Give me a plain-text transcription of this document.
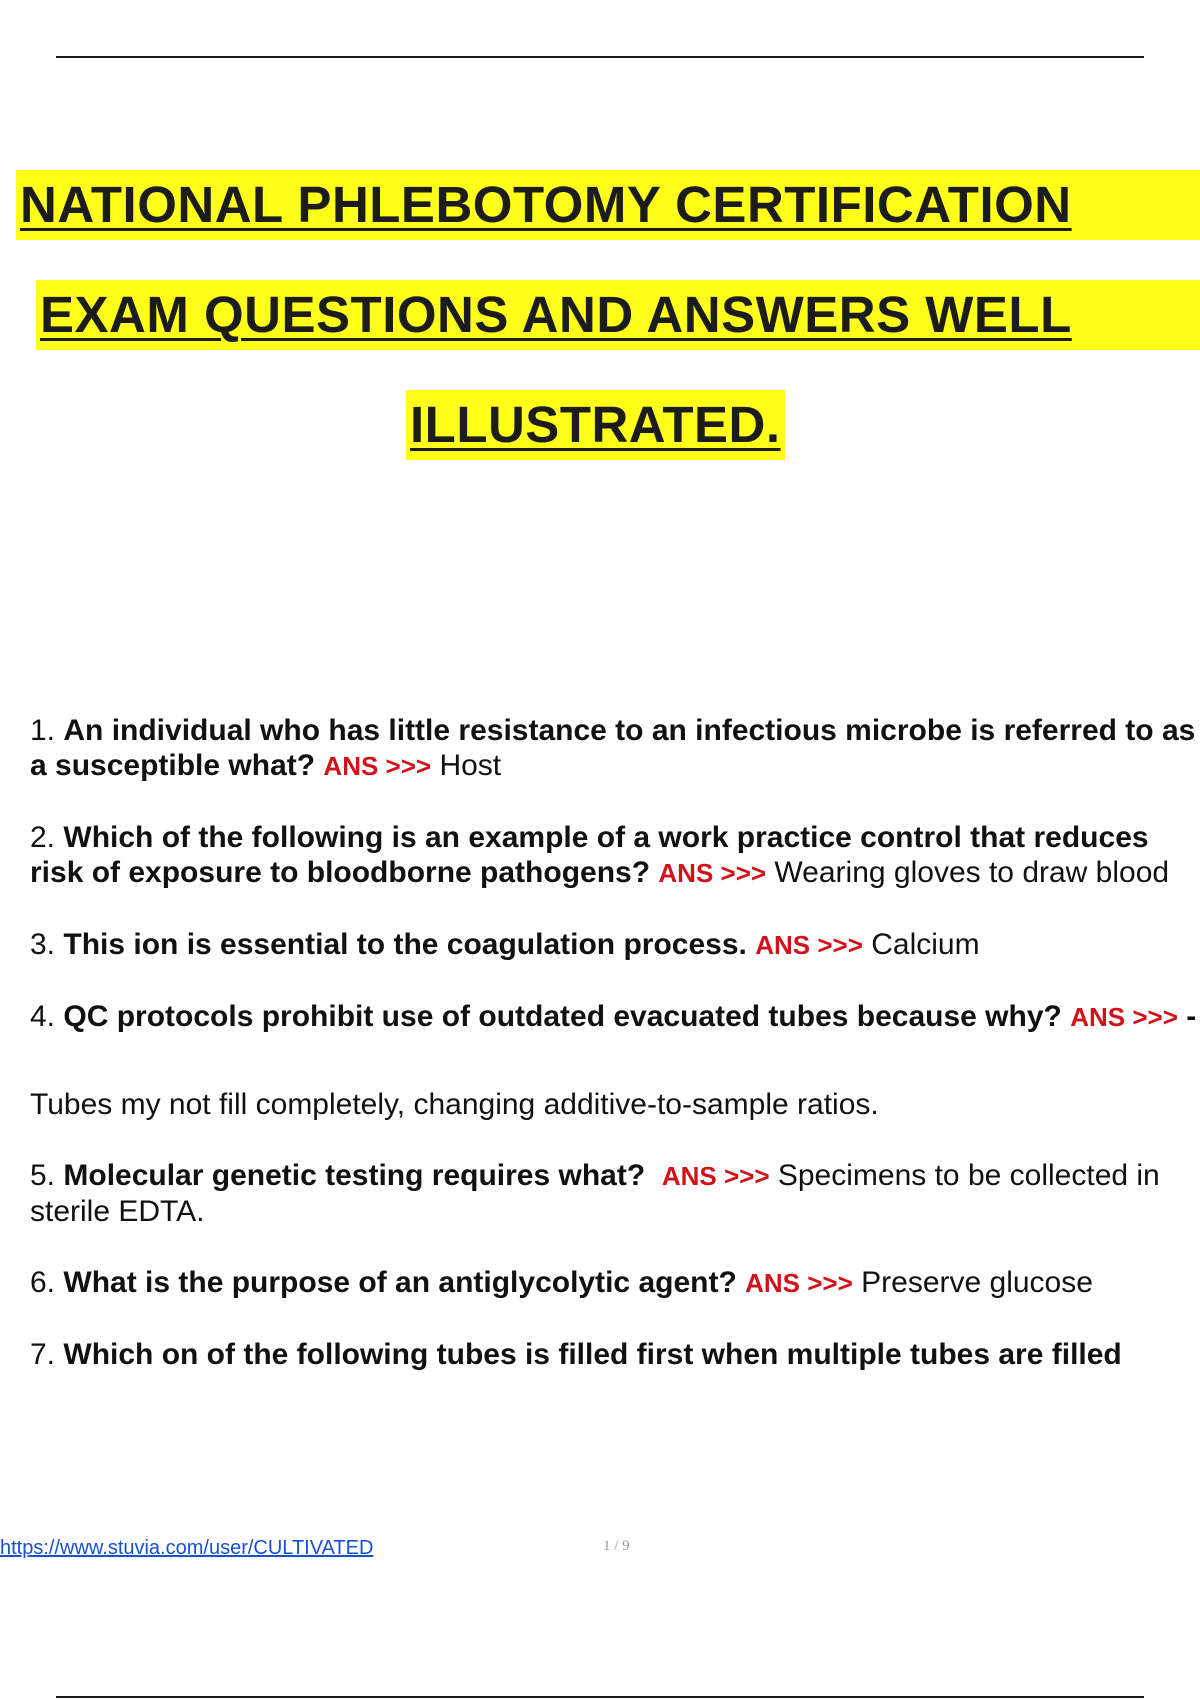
NATIONAL PHLEBOTOMY CERTIFICATION
EXAM QUESTIONS AND ANSWERS WELL
ILLUSTRATED.
1. An individual who has little resistance to an infectious microbe is referred to as a susceptible what? ANS >>> Host
2. Which of the following is an example of a work practice control that reduces risk of exposure to bloodborne pathogens? ANS >>> Wearing gloves to draw blood
3. This ion is essential to the coagulation process. ANS >>> Calcium
4. QC protocols prohibit use of outdated evacuated tubes because why? ANS >>> -
Tubes my not fill completely, changing additive-to-sample ratios.
5. Molecular genetic testing requires what? ANS >>> Specimens to be collected in sterile EDTA.
6. What is the purpose of an antiglycolytic agent? ANS >>> Preserve glucose
7. Which on of the following tubes is filled first when multiple tubes are filled
https://www.stuvia.com/user/CULTIVATED	1 / 9
